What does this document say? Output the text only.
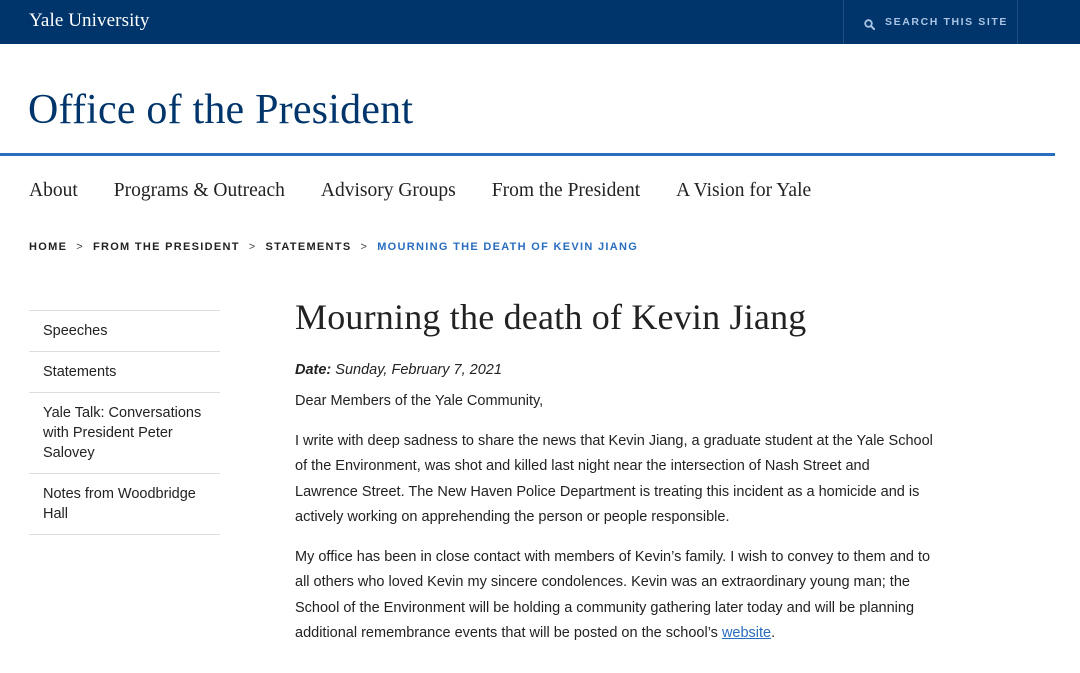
Yale University	SEARCH THIS SITE
Office of the President
About Programs & Outreach Advisory Groups From the President A Vision for Yale
HOME > FROM THE PRESIDENT > STATEMENTS > MOURNING THE DEATH OF KEVIN JIANG
Speeches
Statements
Yale Talk: Conversations with President Peter Salovey
Notes from Woodbridge Hall
Mourning the death of Kevin Jiang

Date: Sunday, February 7, 2021

Dear Members of the Yale Community,

I write with deep sadness to share the news that Kevin Jiang, a graduate student at the Yale School of the Environment, was shot and killed last night near the intersection of Nash Street and Lawrence Street. The New Haven Police Department is treating this incident as a homicide and is actively working on apprehending the person or people responsible.

My office has been in close contact with members of Kevin’s family. I wish to convey to them and to all others who loved Kevin my sincere condolences. Kevin was an extraordinary young man; the School of the Environment will be holding a community gathering later today and will be planning additional remembrance events that will be posted on the school’s website.
